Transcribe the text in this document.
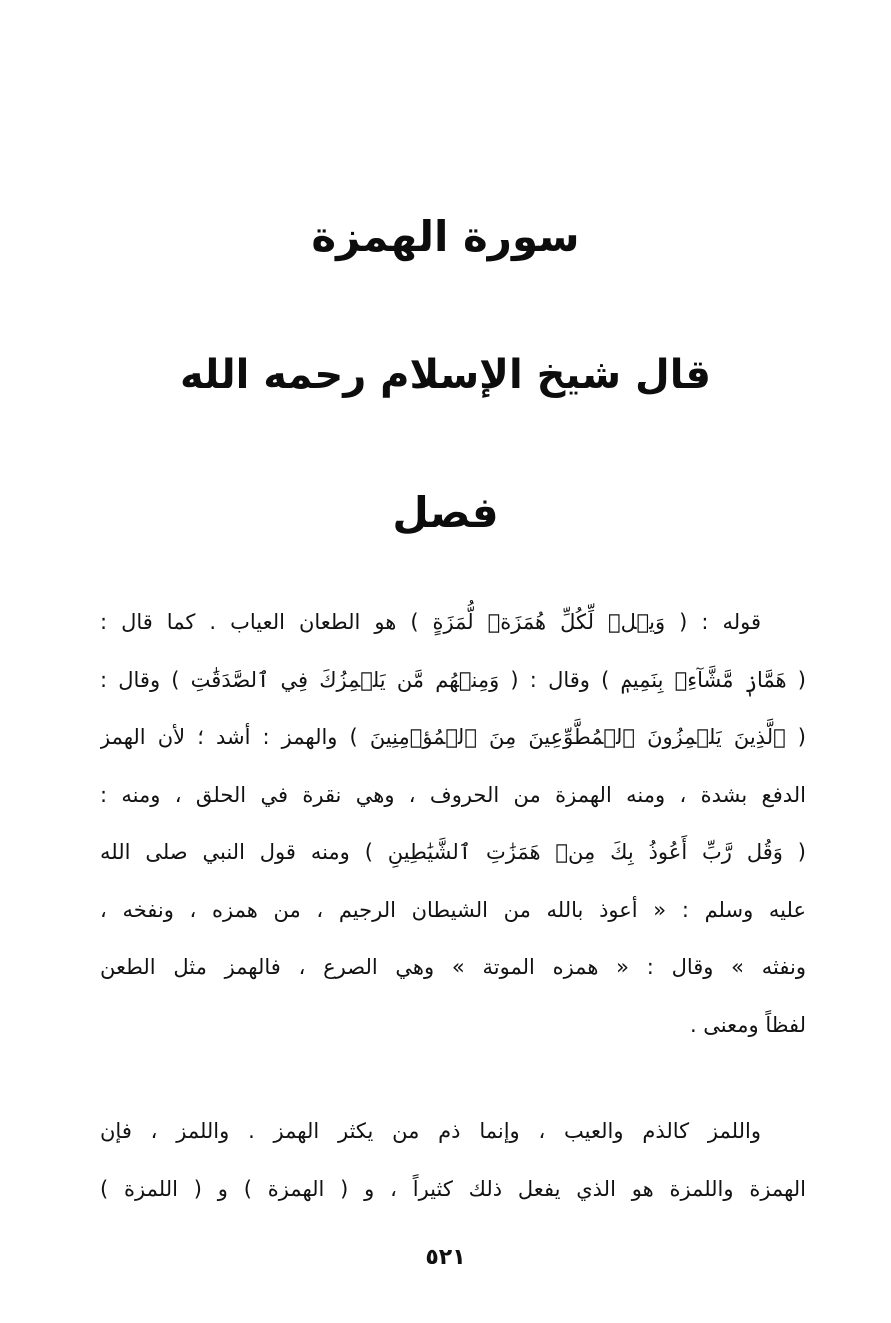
سورة الهمزة
قال شيخ الإسلام رحمه الله
فصل
قوله : ( وَيۡلٞ لِّكُلِّ هُمَزَةٖ لُّمَزَةٍ ) هو الطعان العياب . كما قال :
( هَمَّازٖ مَّشَّآءِۭ بِنَمِيمٖ ) وقال : ( وَمِنۡهُم مَّن يَلۡمِزُكَ فِي ٱلصَّدَقَٰتِ ) وقال :
( ٱلَّذِينَ يَلۡمِزُونَ ٱلۡمُطَّوِّعِينَ مِنَ ٱلۡمُؤۡمِنِينَ ) والهمز : أشد ؛ لأن الهمز
الدفع بشدة ، ومنه الهمزة من الحروف ، وهي نقرة في الحلق ، ومنه :
( وَقُل رَّبِّ أَعُوذُ بِكَ مِنۡ هَمَزَٰتِ ٱلشَّيَٰطِينِ ) ومنه قول النبي صلى الله
عليه وسلم : « أعوذ بالله من الشيطان الرجيم ، من همزه ، ونفخه ،
ونفثه » وقال : « همزه الموتة » وهي الصرع ، فالهمز مثل الطعن
لفظاً ومعنى .
واللمز كالذم والعيب ، وإنما ذم من يكثر الهمز . واللمز ، فإن
الهمزة واللمزة هو الذي يفعل ذلك كثيراً ، و ( الهمزة ) و ( اللمزة )
٥٢١
